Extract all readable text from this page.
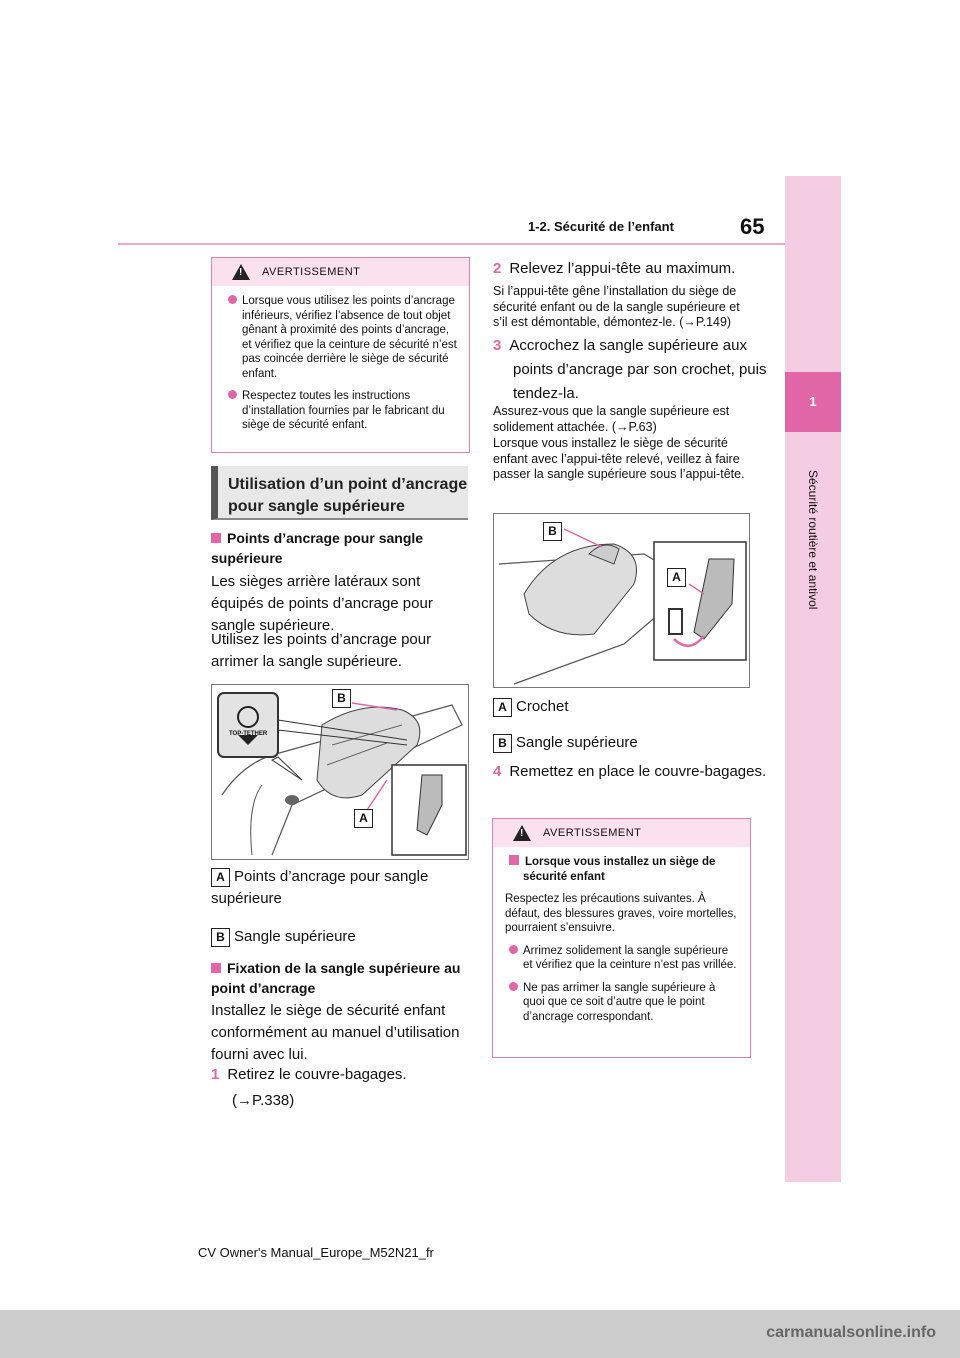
65
1-2. Sécurité de l’enfant
1
Sécurité routière et antivol
!
AVERTISSEMENT
Lorsque vous utilisez les points d’ancrage inférieurs, vérifiez l’absence de tout objet gênant à proximité des points d’ancrage, et vérifiez que la ceinture de sécurité n’est pas coincée derrière le siège de sécurité enfant.
Respectez toutes les instructions d’installation fournies par le fabricant du siège de sécurité enfant.
Utilisation d’un point d’ancrage pour sangle supérieure
Points d’ancrage pour sangle supérieure
Les sièges arrière latéraux sont équipés de points d’ancrage pour sangle supérieure.
Utilisez les points d’ancrage pour arrimer la sangle supérieure.
TOP-TETHER
B
A
A Points d’ancrage pour sangle supérieure
B Sangle supérieure
Fixation de la sangle supérieure au point d’ancrage
Installez le siège de sécurité enfant conformément au manuel d’utilisation fourni avec lui.
1 Retirez le couvre-bagages.
(→P.338)
2 Relevez l’appui-tête au maximum.
Si l’appui-tête gêne l’installation du siège de sécurité enfant ou de la sangle supérieure et s’il est démontable, démontez-le. (→P.149)
3 Accrochez la sangle supérieure aux points d’ancrage par son crochet, puis tendez-la.
Assurez-vous que la sangle supérieure est solidement attachée. (→P.63)
Lorsque vous installez le siège de sécurité enfant avec l’appui-tête relevé, veillez à faire passer la sangle supérieure sous l’appui-tête.
B
A
A Crochet
B Sangle supérieure
4 Remettez en place le couvre-bagages.
!
AVERTISSEMENT
Lorsque vous installez un siège de sécurité enfant
Respectez les précautions suivantes. À défaut, des blessures graves, voire mortelles, pourraient s’ensuivre.
Arrimez solidement la sangle supérieure et vérifiez que la ceinture n’est pas vrillée.
Ne pas arrimer la sangle supérieure à quoi que ce soit d’autre que le point d’ancrage correspondant.
CV Owner's Manual_Europe_M52N21_fr
carmanualsonline.info
